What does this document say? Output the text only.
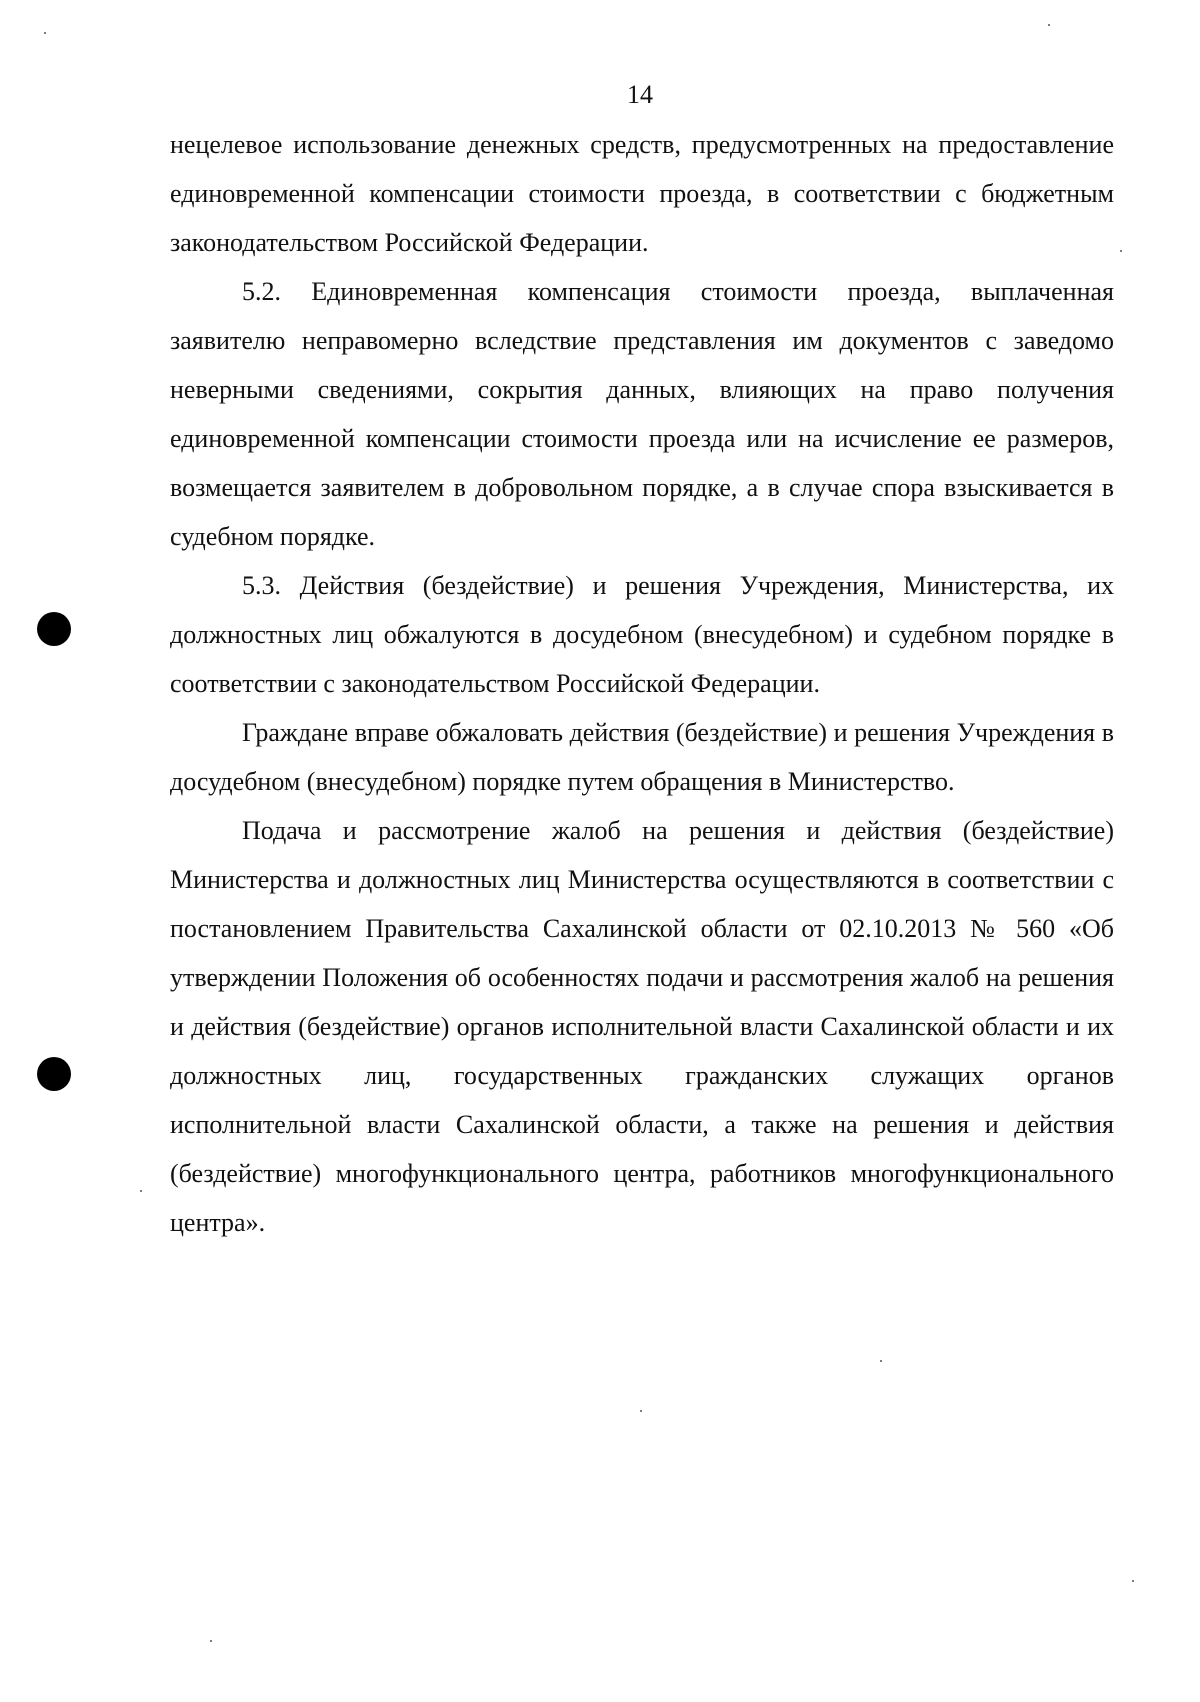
14

нецелевое использование денежных средств, предусмотренных на предоставление единовременной компенсации стоимости проезда, в соответствии с бюджетным законодательством Российской Федерации.

5.2. Единовременная компенсация стоимости проезда, выплаченная заявителю неправомерно вследствие представления им документов с заведомо неверными сведениями, сокрытия данных, влияющих на право получения единовременной компенсации стоимости проезда или на исчисление ее размеров, возмещается заявителем в добровольном порядке, а в случае спора взыскивается в судебном порядке.

5.3. Действия (бездействие) и решения Учреждения, Министерства, их должностных лиц обжалуются в досудебном (внесудебном) и судебном порядке в соответствии с законодательством Российской Федерации.

Граждане вправе обжаловать действия (бездействие) и решения Учреждения в досудебном (внесудебном) порядке путем обращения в Министерство.

Подача и рассмотрение жалоб на решения и действия (бездействие) Министерства и должностных лиц Министерства осуществляются в соответствии с постановлением Правительства Сахалинской области от 02.10.2013 № 560 «Об утверждении Положения об особенностях подачи и рассмотрения жалоб на решения и действия (бездействие) органов исполнительной власти Сахалинской области и их должностных лиц, государственных гражданских служащих органов исполнительной власти Сахалинской области, а также на решения и действия (бездействие) многофункционального центра, работников многофункционального центра».
